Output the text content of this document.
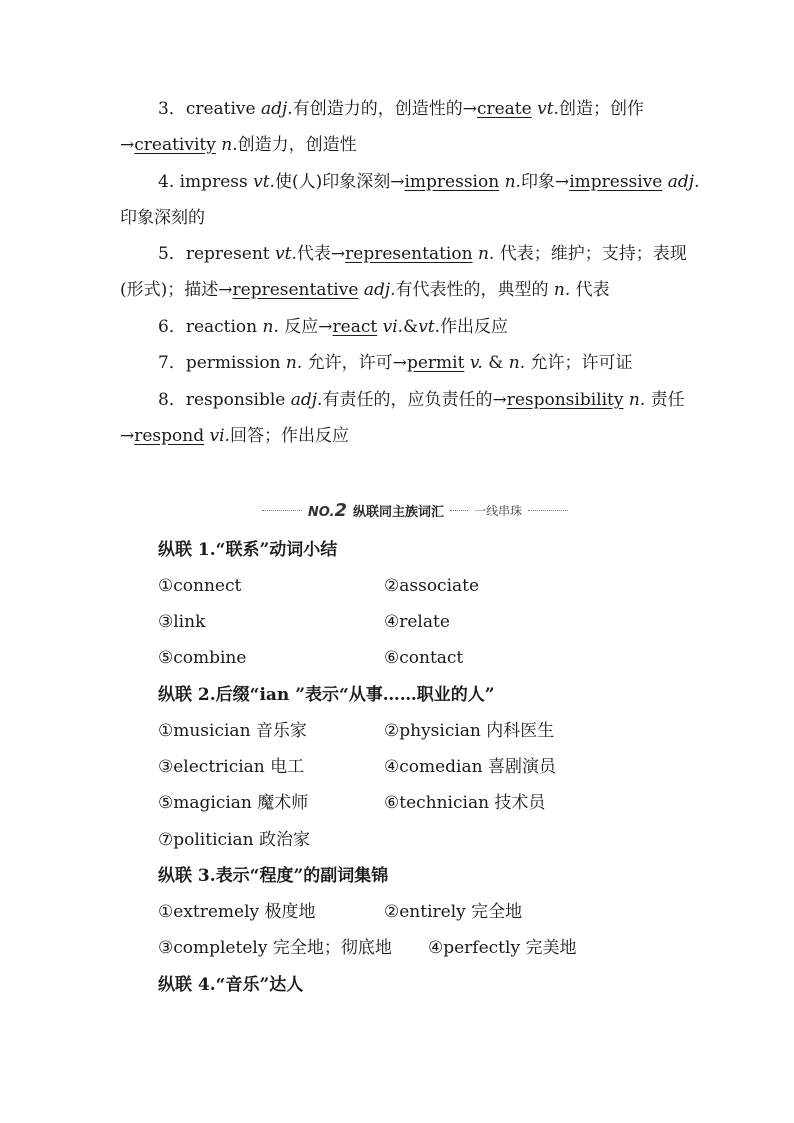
3．creative adj.有创造力的，创造性的→create vt.创造；创作
→creativity n.创造力，创造性
4. impress vt.使(人)印象深刻→impression n.印象→impressive adj.
印象深刻的
5．represent vt.代表→representation n. 代表；维护；支持；表现
(形式)；描述→representative adj.有代表性的，典型的 n. 代表
6．reaction n. 反应→react vi.&vt.作出反应
7．permission n. 允许，许可→permit v. & n. 允许；许可证
8．responsible adj.有责任的，应负责任的→responsibility n. 责任
→respond vi.回答；作出反应
NO.2 纵联同主族词汇	一线串珠
纵联 1.“联系”动词小结
①connect	②associate
③link	④relate
⑤combine	⑥contact
纵联 2.后缀“ian ”表示“从事……职业的人”
①musician 音乐家	②physician 内科医生
③electrician 电工	④comedian 喜剧演员
⑤magician 魔术师	⑥technician 技术员
⑦politician 政治家
纵联 3.表示“程度”的副词集锦
①extremely 极度地	②entirely 完全地
③completely 完全地；彻底地 ④perfectly 完美地
纵联 4.“音乐”达人
